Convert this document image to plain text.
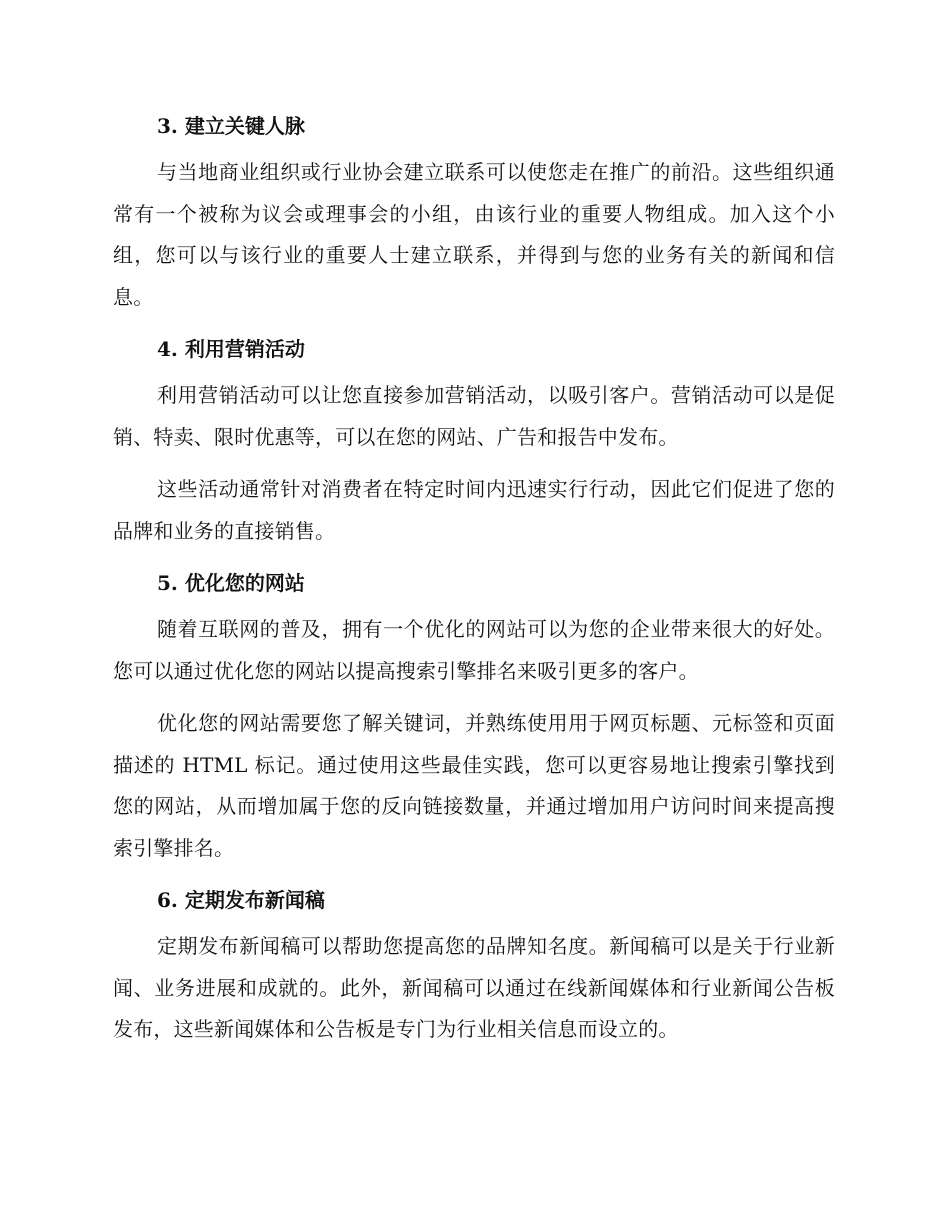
3. 建立关键人脉

与当地商业组织或行业协会建立联系可以使您走在推广的前沿。这些组织通常有一个被称为议会或理事会的小组，由该行业的重要人物组成。加入这个小组，您可以与该行业的重要人士建立联系，并得到与您的业务有关的新闻和信息。

4. 利用营销活动

利用营销活动可以让您直接参加营销活动，以吸引客户。营销活动可以是促销、特卖、限时优惠等，可以在您的网站、广告和报告中发布。

这些活动通常针对消费者在特定时间内迅速实行行动，因此它们促进了您的品牌和业务的直接销售。

5. 优化您的网站

随着互联网的普及，拥有一个优化的网站可以为您的企业带来很大的好处。您可以通过优化您的网站以提高搜索引擎排名来吸引更多的客户。

优化您的网站需要您了解关键词，并熟练使用用于网页标题、元标签和页面描述的 HTML 标记。通过使用这些最佳实践，您可以更容易地让搜索引擎找到您的网站，从而增加属于您的反向链接数量，并通过增加用户访问时间来提高搜索引擎排名。

6. 定期发布新闻稿

定期发布新闻稿可以帮助您提高您的品牌知名度。新闻稿可以是关于行业新闻、业务进展和成就的。此外，新闻稿可以通过在线新闻媒体和行业新闻公告板发布，这些新闻媒体和公告板是专门为行业相关信息而设立的。
